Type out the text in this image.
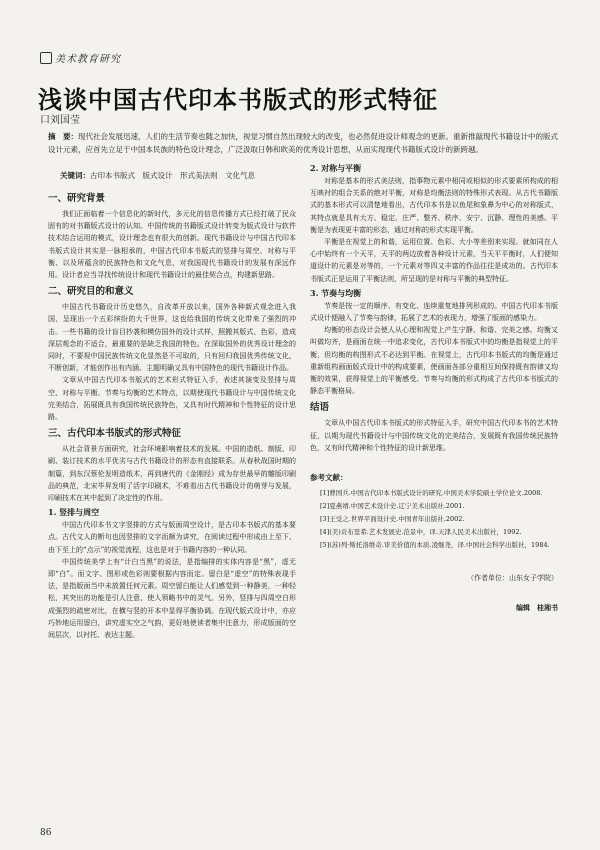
美术教育研究
浅谈中国古代印本书版式的形式特征
口刘国莹

摘　要：现代社会发展迅速，人们的生活节奏也随之加快，视觉习惯自然出现较大的改变，也必然促进设计师观念的更新。重新推敲现代书籍设计中的版式设计元素，应首先立足于中国本民族的特色设计理念，广泛汲取日韩和欧美的优秀设计思想，从而实现现代书籍版式设计的新跨越。

关键词：古印本书版式　版式设计　形式美法则　文化气息
一、研究背景

我们正面临着一个信息化的新时代，多元化的信息传播方式已经打破了民众固有的对书籍版式设计的认知。中国传统的书籍版式设计转变为版式设计与软件技术结合运用的模式，设计理念也有很大的创新。现代书籍设计与中国古代印本书版式设计其实是一脉相承的，中国古代印本书版式的竖排与周空、对称与平衡、以及所蕴含的民族特色和文化气息，对我国现代书籍设计的发展有深远作用。设计者应当寻找传统设计和现代书籍设计的最佳契合点，构建新思路。

二、研究目的和意义

中国古代书籍设计历史悠久，自改革开放以来，国外各种新式观念进入我国，呈现出一个五彩缤纷的大千世界，这也给我国的传统文化带来了强烈的冲击。一些书籍的设计盲目抄袭和模仿国外的设计式样，照搬其版式、色彩，造成深层观念的不适合，最重要的是缺乏我国的特色。在深取国外的优秀设计理念的同时，不要视中国民族传统文化显然是不可取的，只有回归我国优秀传统文化，不断创新，才能创作出有内涵、主题明确又具有中国特色的现代书籍设计作品。

文章从中国古代印本书版式的艺术形式特征入手，表述其演变及竖排与周空、对称与平衡、节奏与均衡的艺术特点，以期使现代书籍设计与中国传统文化完美结合，拓展既具有我国传统民族特色，又具有时代精神和个性特征的设计思路。

三、古代印本书版式的形式特征

从社会背景方面研究，社会环境影响着技术的发展。中国的造纸、制版、印刷、装订技术的水平优劣与古代书籍设计的形态有直接联系。从春秋战国时期的制篇，到东汉蔡伦发明造纸术，再到唐代的《金刚经》成为存世最早的雕版印刷品的典范，北宋毕昇发明了活字印刷术，不难看出古代书籍设计的萌芽与发展，印刷技术在其中起到了决定性的作用。

1. 竖排与周空

中国古代印本书文字竖排的方式与版面周空设计，是古印本书版式的基本要点。古代文人的断句也因竖排的文字而颇为讲究，在阅读过程中形成由上至下、由下至上的“点示”的视觉流程，这也是对于书籍内容的一种认同。

中国传统美学上有“计白当黑”的说法，是指编排的实体内容是“黑”，虚无即“白”。而文字、图形或色彩则要根据内容而定。留白是“虚空”的特殊表现手法，是指版面当中未放置任何元素。周空留白能让人们感觉到一种静美，一种轻松，其突出的功能是引人注意，使人领略书中的灵气。另外，竖排与四周空白形成强烈的疏密对比，在横与竖的开本中显得平衡协调。在现代版式设计中，亦应巧妙地运用留白，讲究虚实空之气韵，更好地使读者集中注意力，形成版面的空间层次，以衬托、表达主题。

2. 对称与平衡

对称是基本的形式美法则，指事物元素中相同或相似的形式要素所构成的相互映衬的组合关系的绝对平衡，对称是均衡法则的特殊形式表现。从古代书籍版式的基本形式可以清楚地看出，古代印本书是以鱼尾和象鼻为中心的对称版式，其特点就是具有大方、稳定、庄严、整齐、秩序、安宁、沉静、理性的美感。平衡是为表现更丰富的形态，通过对称的形式实现平衡。

平衡是在视觉上的和谐，运用位置、色彩、大小等差别来实现。就如同在人心中始终有一个天平，天平的两边放着各种设计元素，当天平平衡时，人们便知道设计的元素是对等的，一个元素对等四又丰富的作品往往是成功的。古代印本书版式正是运用了平衡法则，所呈现的是对称与平衡的典型特征。

3. 节奏与均衡

节奏是按一定的顺序、有变化、连续重复地排列形成的。中国古代印本书版式设计便融入了节奏与韵律，拓展了艺术的表现力，增强了版面的感染力。

均衡的形态设计会使人从心理和视觉上产生宁静、和谐、完美之感。均衡又叫做均齐，是画面在统一中追求变化，古代印本书版式中的均衡是指视觉上的平衡，但均衡的构图形式不必达到平衡。在视觉上，古代印本书版式的均衡是通过重新组构画面版式设计中的构成要素，使画面各部分重相互间保持既有韵律又均衡的效果，获得视觉上的平衡感受。节奏与均衡的形式构成了古代印本书版式的静态平衡格局。

结语

文章从中国古代印本书版式的形式特征入手，研究中国古代印本书的艺术特征，以期为现代书籍设计与中国传统文化的完美结合，发展既有我国传统民族特色，又有时代精神和个性特征的设计新思维。

参考文献：

[1]曹国兵.中国古代印本书版式设计的研究.中国美术学院硕士学位论文.2008.

[2]夏燕靖.中国艺术设计史.辽宁美术出版社.2001.

[3]王受之.世界平面设计史.中国青年出版社.2002.

[4](美)贡布里希.艺术发展史.范景中，译.天津人民美术出版社，1992.

[5](苏)列·斯托洛维奇.审美价值的本质.凌继尧，译.中国社会科学出版社，1984.

（作者单位：山东女子学院）
编辑　桂湘书
86
